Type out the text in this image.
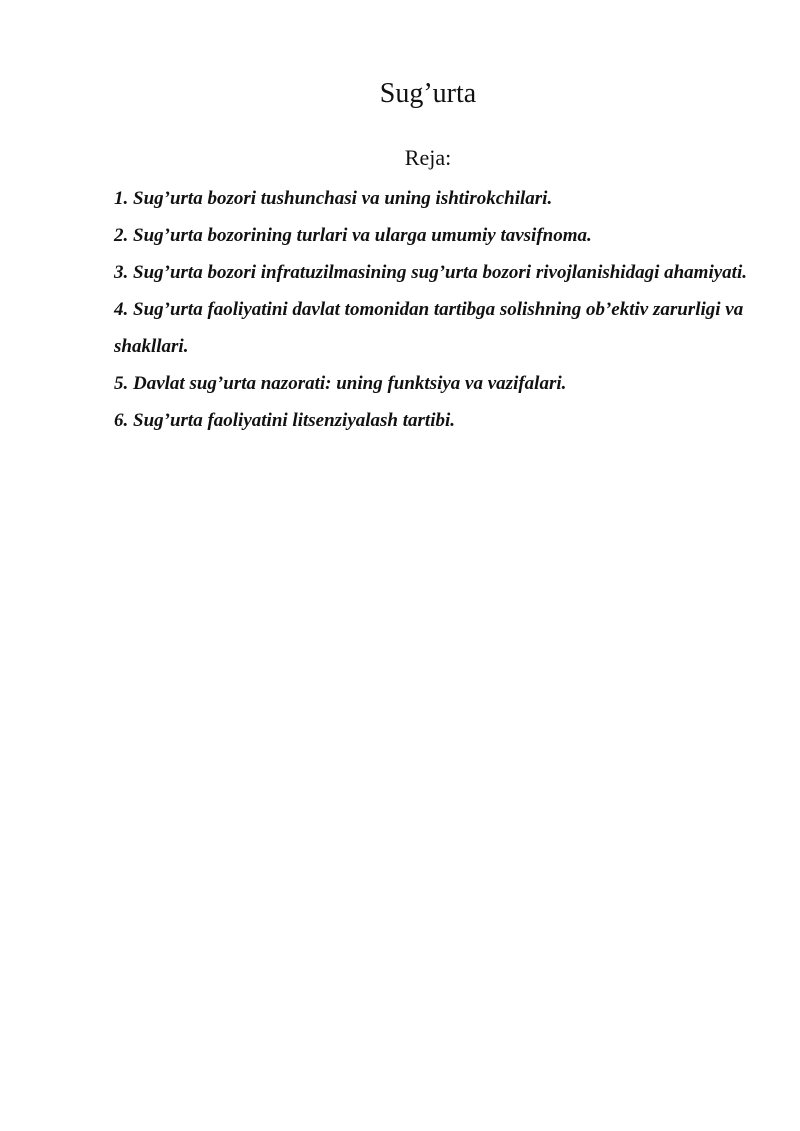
Sug’urta

Reja:

1. Sug’urta bozori tushunchasi va uning ishtirokchilari.
2. Sug’urta bozorining turlari va ularga umumiy tavsifnoma.
3. Sug’urta bozori infratuzilmasining sug’urta bozori rivojlanishidagi ahamiyati.
4. Sug’urta faoliyatini davlat tomonidan tartibga solishning ob’ektiv zarurligi va shakllari.
5. Davlat sug’urta nazorati: uning funktsiya va vazifalari.
6. Sug’urta faoliyatini litsenziyalash tartibi.
